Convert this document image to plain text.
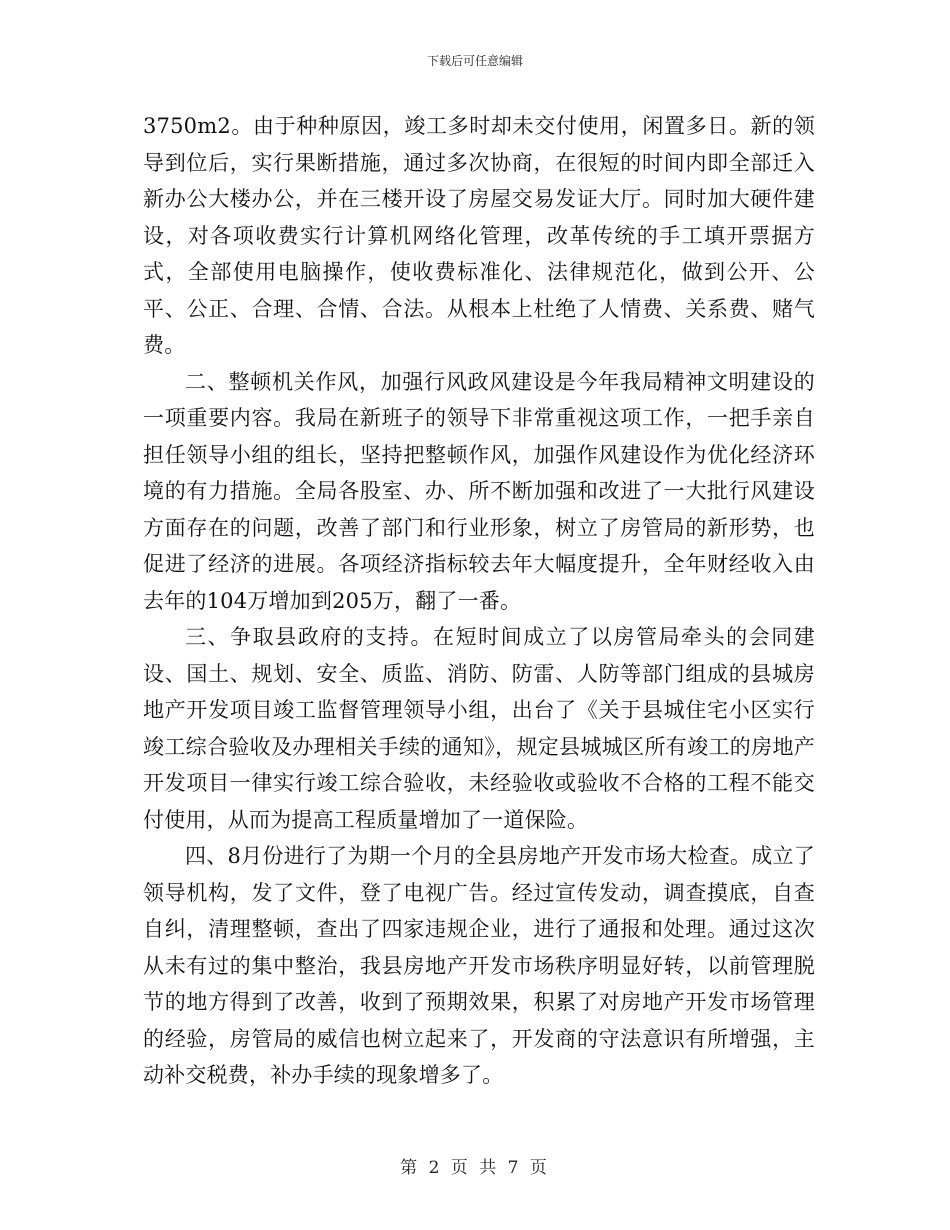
下载后可任意编辑

3750m2。由于种种原因，竣工多时却未交付使用，闲置多日。新的领导到位后，实行果断措施，通过多次协商，在很短的时间内即全部迁入新办公大楼办公，并在三楼开设了房屋交易发证大厅。同时加大硬件建设，对各项收费实行计算机网络化管理，改革传统的手工填开票据方式，全部使用电脑操作，使收费标准化、法律规范化，做到公开、公平、公正、合理、合情、合法。从根本上杜绝了人情费、关系费、赌气费。

二、整顿机关作风，加强行风政风建设是今年我局精神文明建设的一项重要内容。我局在新班子的领导下非常重视这项工作，一把手亲自担任领导小组的组长，坚持把整顿作风，加强作风建设作为优化经济环境的有力措施。全局各股室、办、所不断加强和改进了一大批行风建设方面存在的问题，改善了部门和行业形象，树立了房管局的新形势，也促进了经济的进展。各项经济指标较去年大幅度提升，全年财经收入由去年的104万增加到205万，翻了一番。

三、争取县政府的支持。在短时间成立了以房管局牵头的会同建设、国土、规划、安全、质监、消防、防雷、人防等部门组成的县城房地产开发项目竣工监督管理领导小组，出台了《关于县城住宅小区实行竣工综合验收及办理相关手续的通知》，规定县城城区所有竣工的房地产开发项目一律实行竣工综合验收，未经验收或验收不合格的工程不能交付使用，从而为提高工程质量增加了一道保险。

四、8月份进行了为期一个月的全县房地产开发市场大检查。成立了领导机构，发了文件，登了电视广告。经过宣传发动，调查摸底，自查自纠，清理整顿，查出了四家违规企业，进行了通报和处理。通过这次从未有过的集中整治，我县房地产开发市场秩序明显好转，以前管理脱节的地方得到了改善，收到了预期效果，积累了对房地产开发市场管理的经验，房管局的威信也树立起来了，开发商的守法意识有所增强，主动补交税费，补办手续的现象增多了。

第 2 页 共 7 页
